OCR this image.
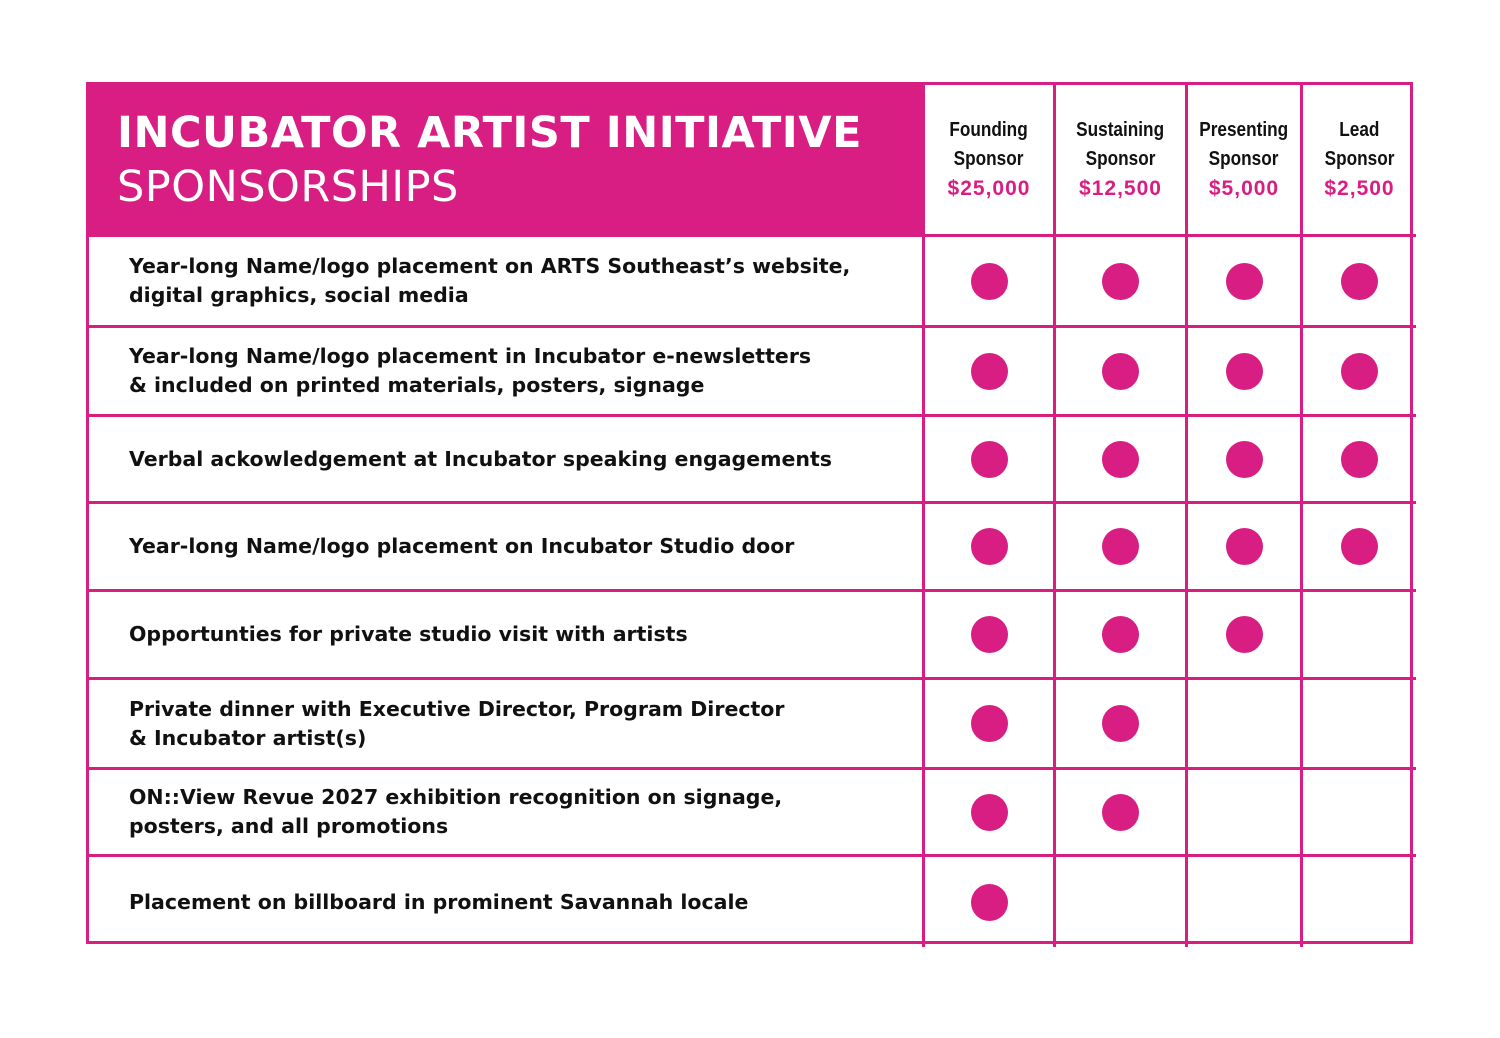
INCUBATOR ARTIST INITIATIVE
SPONSORSHIPS
Founding
Sponsor
$25,000
Sustaining
Sponsor
$12,500
Presenting
Sponsor
$5,000
Lead
Sponsor
$2,500
Year-long Name/logo placement on ARTS Southeast’s website,
digital graphics, social media
Year-long Name/logo placement in Incubator e-newsletters
& included on printed materials, posters, signage
Verbal ackowledgement at Incubator speaking engagements
Year-long Name/logo placement on Incubator Studio door
Opportunties for private studio visit with artists
Private dinner with Executive Director, Program Director
& Incubator artist(s)
ON::View Revue 2027 exhibition recognition on signage,
posters, and all promotions
Placement on billboard in prominent Savannah locale
